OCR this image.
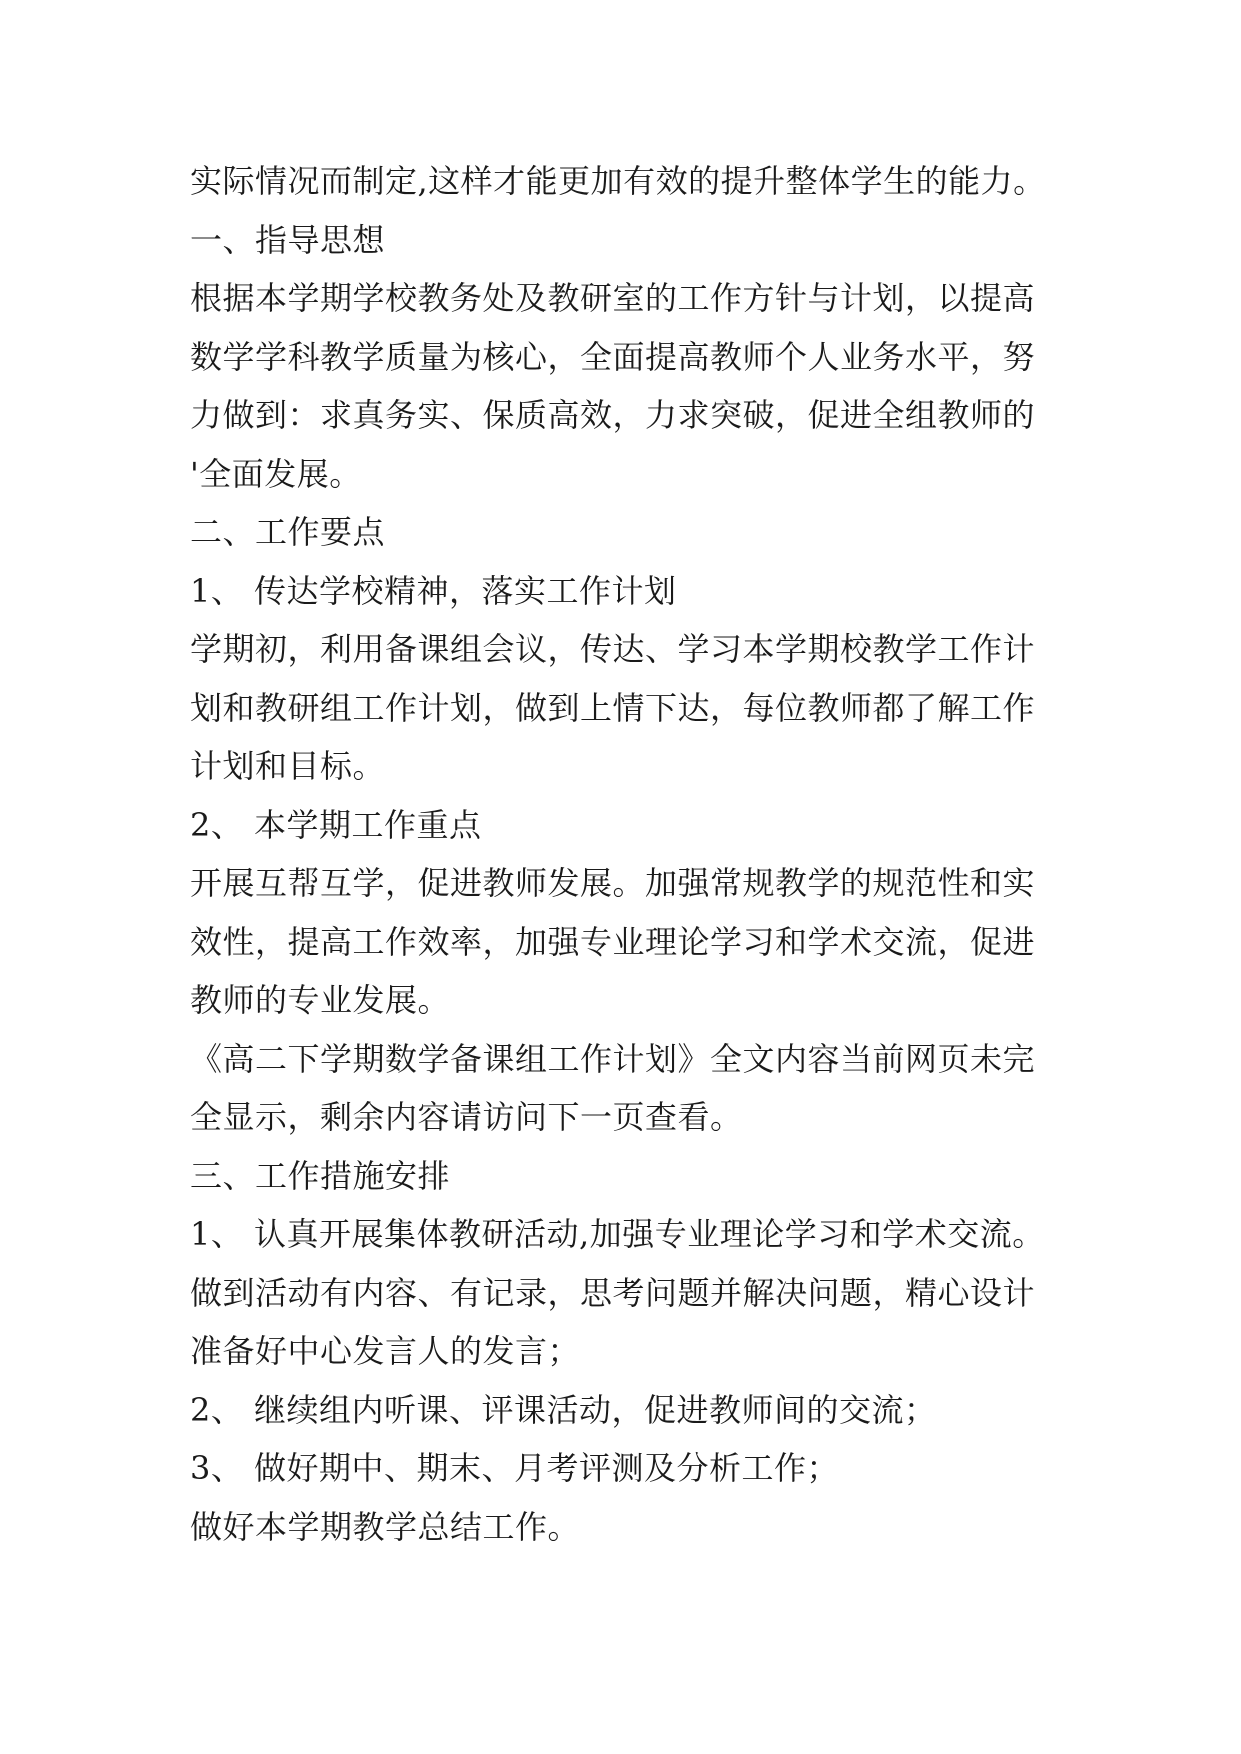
实际情况而制定,这样才能更加有效的提升整体学生的能力。
一、指导思想
根据本学期学校教务处及教研室的工作方针与计划，以提高
数学学科教学质量为核心，全面提高教师个人业务水平，努
力做到：求真务实、保质高效，力求突破，促进全组教师的
'全面发展。
二、工作要点
1、 传达学校精神，落实工作计划
学期初，利用备课组会议，传达、学习本学期校教学工作计
划和教研组工作计划，做到上情下达，每位教师都了解工作
计划和目标。
2、 本学期工作重点
开展互帮互学，促进教师发展。加强常规教学的规范性和实
效性，提高工作效率，加强专业理论学习和学术交流，促进
教师的专业发展。
《高二下学期数学备课组工作计划》全文内容当前网页未完
全显示，剩余内容请访问下一页查看。
三、工作措施安排
1、 认真开展集体教研活动,加强专业理论学习和学术交流。
做到活动有内容、有记录，思考问题并解决问题，精心设计
准备好中心发言人的发言；
2、 继续组内听课、评课活动，促进教师间的交流；
3、 做好期中、期末、月考评测及分析工作；
做好本学期教学总结工作。
